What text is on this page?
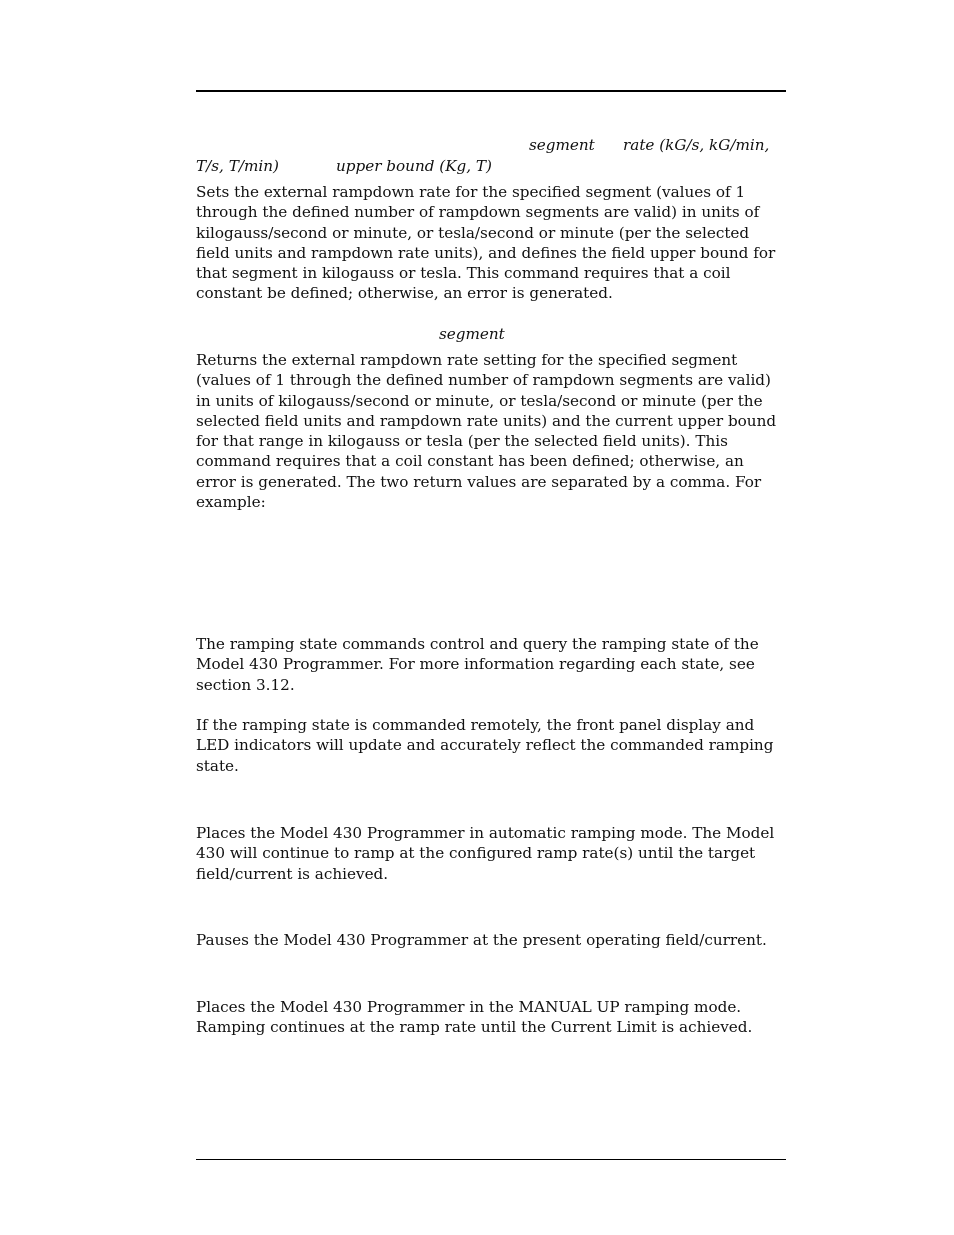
segment rate (kG/s, kG/min,
T/s, T/min)	upper bound (Kg, T)

Sets the external rampdown rate for the specified segment (values of 1
through the defined number of rampdown segments are valid) in units of
kilogauss/second or minute, or tesla/second or minute (per the selected
field units and rampdown rate units), and defines the field upper bound for
that segment in kilogauss or tesla. This command requires that a coil
constant be defined; otherwise, an error is generated.

segment

Returns the external rampdown rate setting for the specified segment
(values of 1 through the defined number of rampdown segments are valid)
in units of kilogauss/second or minute, or tesla/second or minute (per the
selected field units and rampdown rate units) and the current upper bound
for that range in kilogauss or tesla (per the selected field units). This
command requires that a coil constant has been defined; otherwise, an
error is generated. The two return values are separated by a comma. For
example:

The ramping state commands control and query the ramping state of the
Model 430 Programmer. For more information regarding each state, see
section 3.12.

If the ramping state is commanded remotely, the front panel display and
LED indicators will update and accurately reflect the commanded ramping
state.

Places the Model 430 Programmer in automatic ramping mode. The Model
430 will continue to ramp at the configured ramp rate(s) until the target
field/current is achieved.

Pauses the Model 430 Programmer at the present operating field/current.

Places the Model 430 Programmer in the MANUAL UP ramping mode.
Ramping continues at the ramp rate until the Current Limit is achieved.
